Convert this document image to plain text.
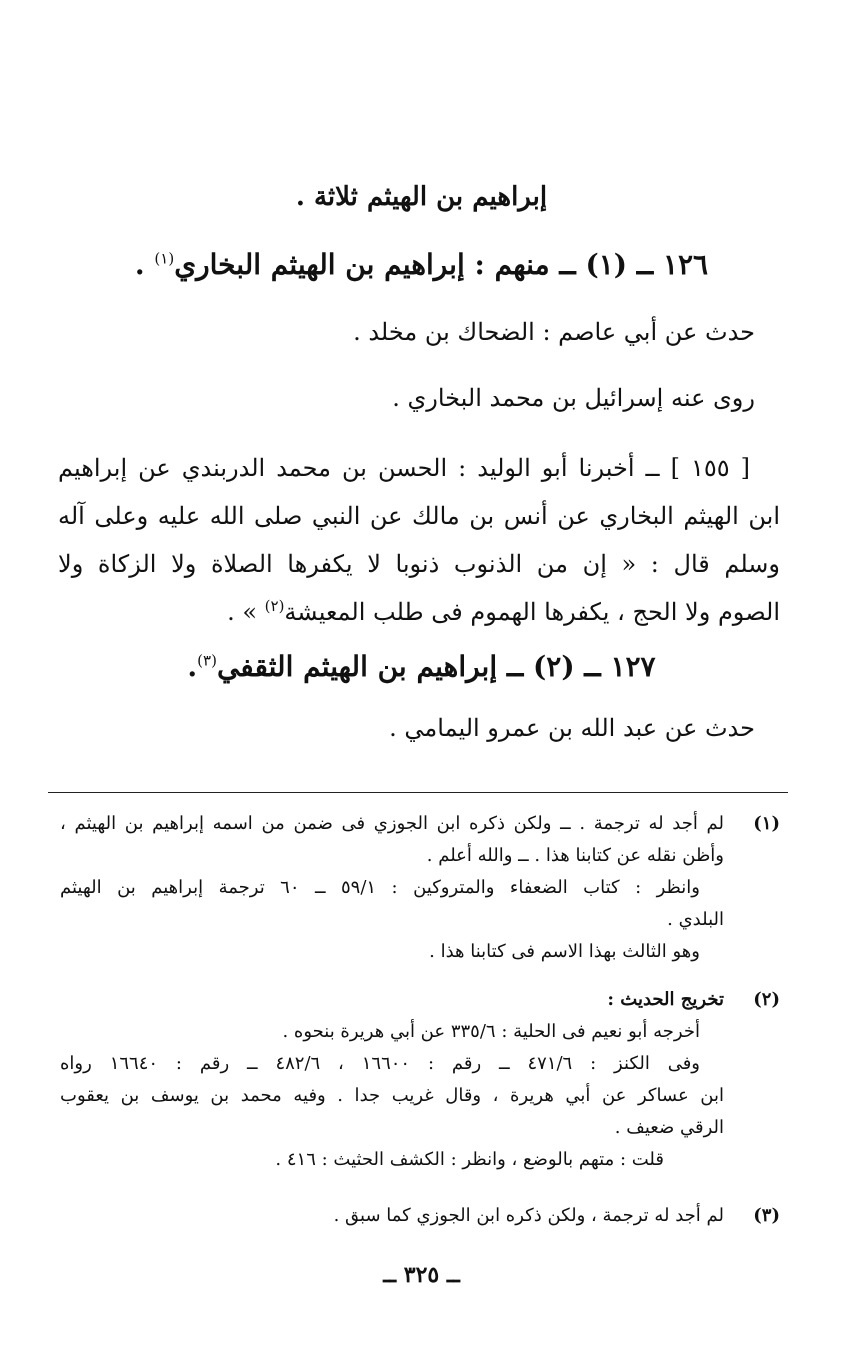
إبراهيم بن الهيثم ثلاثة .
١٢٦ ــ (١) ــ منهم : إبراهيم بن الهيثم البخاري$^{(١)}$ .
حدث عن أبي عاصم : الضحاك بن مخلد .
روى عنه إسرائيل بن محمد البخاري .
[ ١٥٥ ] ــ أخبرنا أبو الوليد : الحسن بن محمد الدربندي عن إبراهيم
ابن الهيثم البخاري عن أنس بن مالك عن النبي صلى الله عليه وعلى آله
وسلم قال : « إن من الذنوب ذنوبا لا يكفرها الصلاة ولا الزكاة ولا
الصوم ولا الحج ، يكفرها الهموم فى طلب المعيشة$^{(٢)}$ » .
١٢٧ ــ (٢) ــ إبراهيم بن الهيثم الثقفي$^{(٣)}$.
حدث عن عبد الله بن عمرو اليمامي .
(١)
لم أجد له ترجمة . ــ ولكن ذكره ابن الجوزي فى ضمن من اسمه إبراهيم بن الهيثم ،
وأظن نقله عن كتابنا هذا . ــ والله أعلم .
وانظر : كتاب الضعفاء والمتروكين : ٥٩/١ ــ ٦٠ ترجمة إبراهيم بن الهيثم
البلدي .
وهو الثالث بهذا الاسم فى كتابنا هذا .
(٢)
تخريج الحديث :
أخرجه أبو نعيم فى الحلية : ٣٣٥/٦ عن أبي هريرة بنحوه .
وفى الكنز : ٤٧١/٦ ــ رقم : ١٦٦٠٠ ، ٤٨٢/٦ ــ رقم : ١٦٦٤٠ رواه
ابن عساكر عن أبي هريرة ، وقال غريب جدا . وفيه محمد بن يوسف بن يعقوب
الرقي ضعيف .
قلت : متهم بالوضع ، وانظر : الكشف الحثيث : ٤١٦ .
(٣)
لم أجد له ترجمة ، ولكن ذكره ابن الجوزي كما سبق .
ــ ٣٢٥ ــ
